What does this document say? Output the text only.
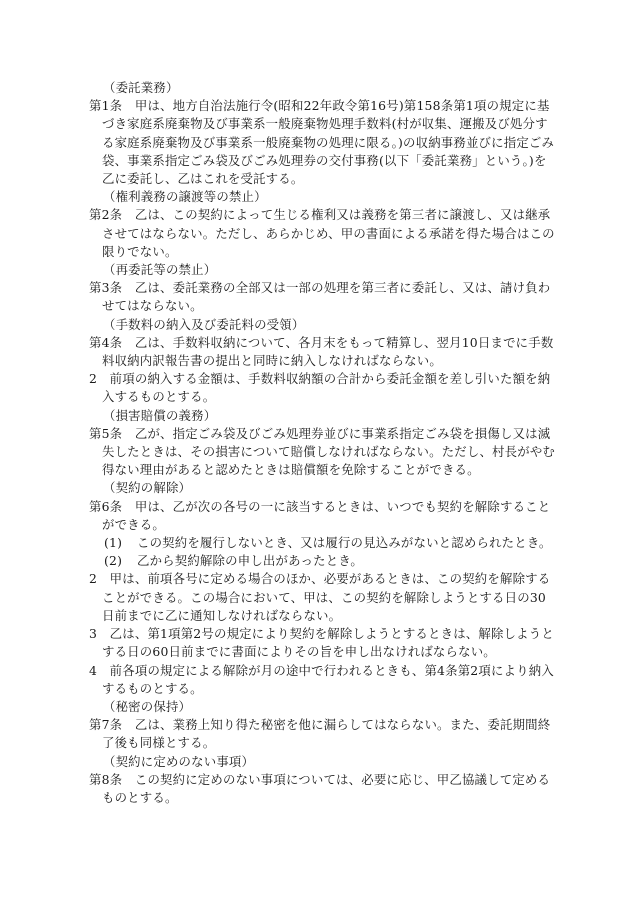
（委託業務）
第1条　甲は、地方自治法施行令(昭和22年政令第16号)第158条第1項の規定に基づき家庭系廃棄物及び事業系一般廃棄物処理手数料(村が収集、運搬及び処分する家庭系廃棄物及び事業系一般廃棄物の処理に限る。)の収納事務並びに指定ごみ袋、事業系指定ごみ袋及びごみ処理券の交付事務(以下「委託業務」という。)を乙に委託し、乙はこれを受託する。
（権利義務の譲渡等の禁止）
第2条　乙は、この契約によって生じる権利又は義務を第三者に譲渡し、又は継承させてはならない。ただし、あらかじめ、甲の書面による承諾を得た場合はこの限りでない。
（再委託等の禁止）
第3条　乙は、委託業務の全部又は一部の処理を第三者に委託し、又は、請け負わせてはならない。
（手数料の納入及び委託料の受領）
第4条　乙は、手数料収納について、各月末をもって精算し、翌月10日までに手数料収納内訳報告書の提出と同時に納入しなければならない。
2　前項の納入する金額は、手数料収納額の合計から委託金額を差し引いた額を納入するものとする。
（損害賠償の義務）
第5条　乙が、指定ごみ袋及びごみ処理券並びに事業系指定ごみ袋を損傷し又は滅失したときは、その損害について賠償しなければならない。ただし、村長がやむ得ない理由があると認めたときは賠償額を免除することができる。
（契約の解除）
第6条　甲は、乙が次の各号の一に該当するときは、いつでも契約を解除することができる。
(1) この契約を履行しないとき、又は履行の見込みがないと認められたとき。
(2) 乙から契約解除の申し出があったとき。
2　甲は、前項各号に定める場合のほか、必要があるときは、この契約を解除することができる。この場合において、甲は、この契約を解除しようとする日の30日前までに乙に通知しなければならない。
3　乙は、第1項第2号の規定により契約を解除しようとするときは、解除しようとする日の60日前までに書面によりその旨を申し出なければならない。
4　前各項の規定による解除が月の途中で行われるときも、第4条第2項により納入するものとする。
（秘密の保持）
第7条　乙は、業務上知り得た秘密を他に漏らしてはならない。また、委託期間終了後も同様とする。
（契約に定めのない事項）
第8条　この契約に定めのない事項については、必要に応じ、甲乙協議して定めるものとする。
